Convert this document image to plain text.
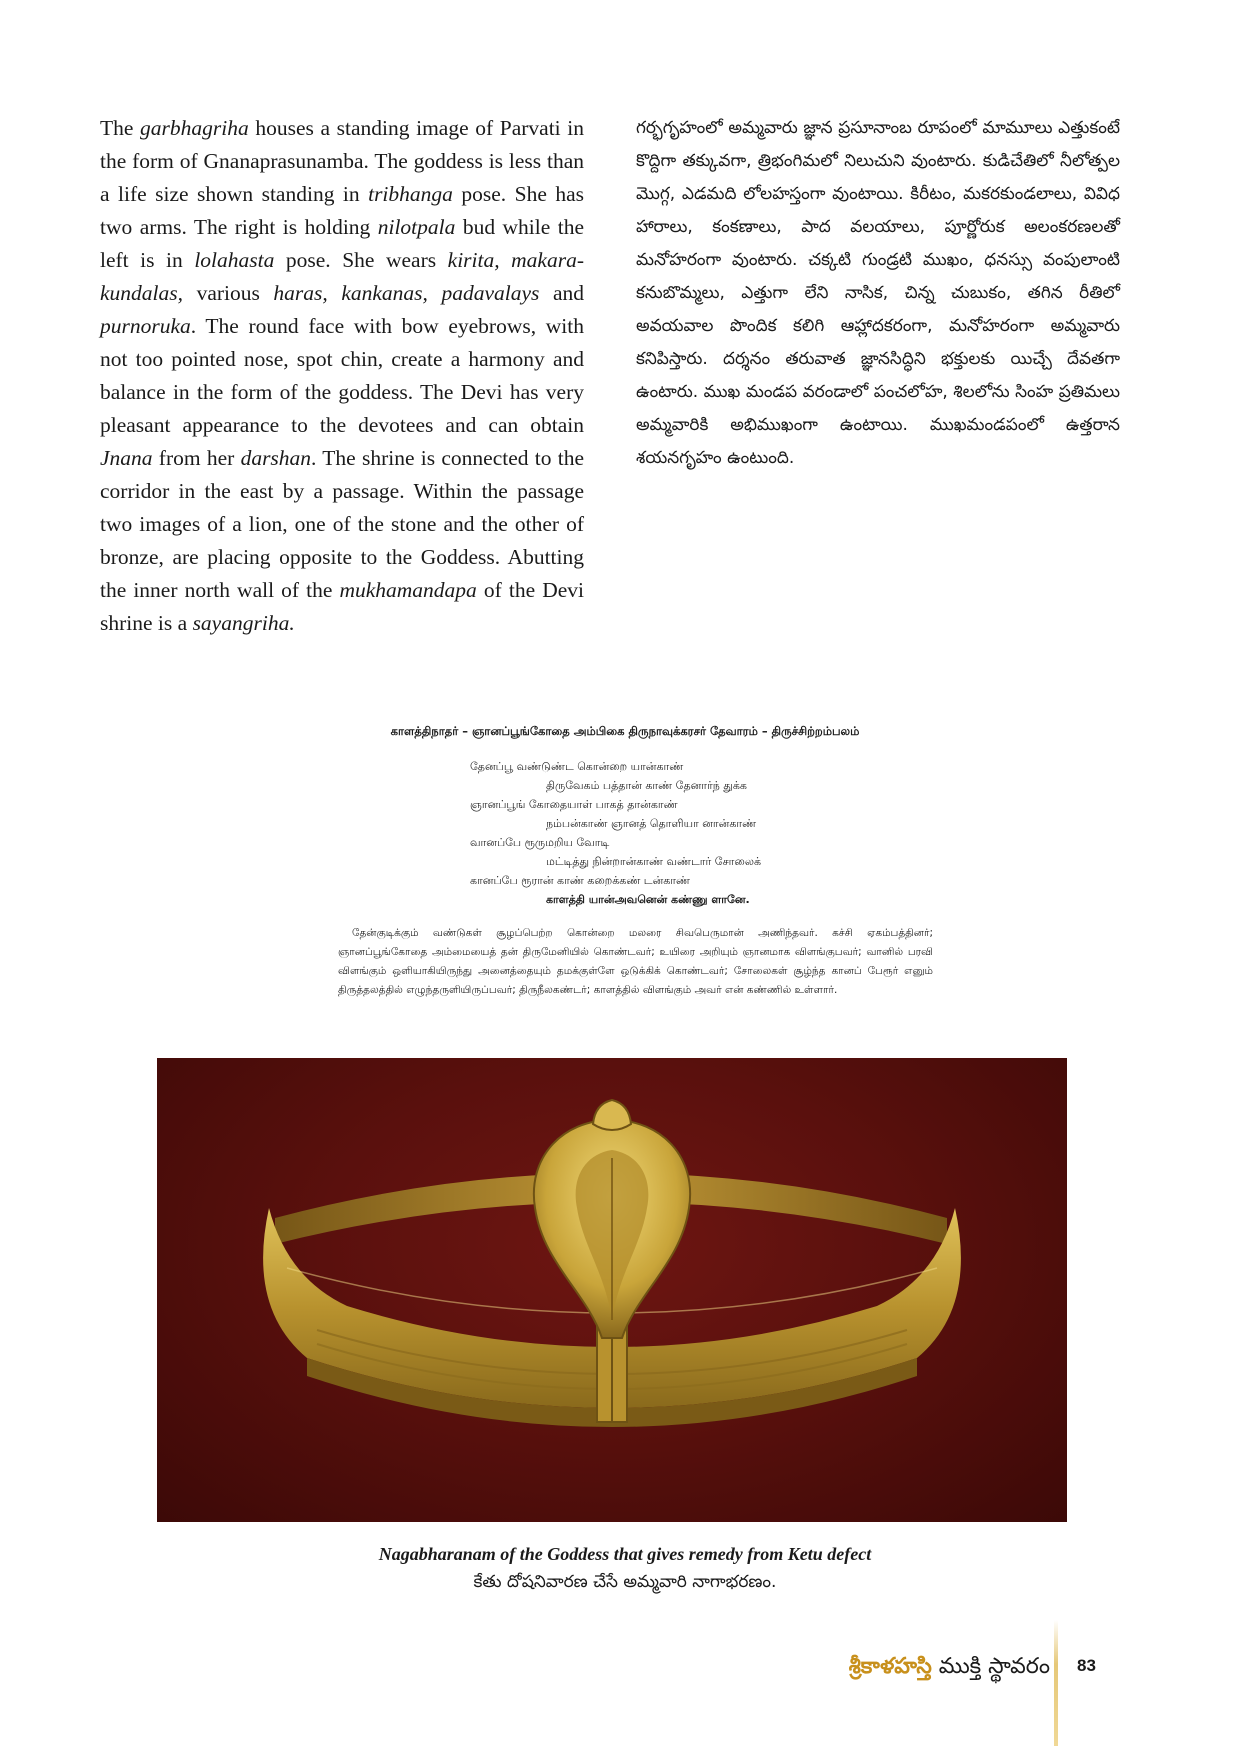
The garbhagriha houses a standing image of Parvati in the form of Gnanaprasunamba. The goddess is less than a life size shown standing in tribhanga pose. She has two arms. The right is holding nilotpala bud while the left is in lolahasta pose. She wears kirita, makara-kundalas, various haras, kankanas, padavalays and purnoruka. The round face with bow eyebrows, with not too pointed nose, spot chin, create a harmony and balance in the form of the goddess. The Devi has very pleasant appearance to the devotees and can obtain Jnana from her darshan. The shrine is connected to the corridor in the east by a passage. Within the passage two images of a lion, one of the stone and the other of bronze, are placing opposite to the Goddess. Abutting the inner north wall of the mukhamandapa of the Devi shrine is a sayangriha.

గర్భగృహంలో అమ్మవారు జ్ఞాన ప్రసూనాంబ రూపంలో మామూలు ఎత్తుకంటే కొద్దిగా తక్కువగా, త్రిభంగిమలో నిలుచుని వుంటారు. కుడిచేతిలో నీలోత్పల మొగ్గ, ఎడమది లోలహస్తంగా వుంటాయి. కిరీటం, మకరకుండలాలు, వివిధ హారాలు, కంకణాలు, పాద వలయాలు, పూర్ణోరుక అలంకరణలతో మనోహరంగా వుంటారు. చక్కటి గుండ్రటి ముఖం, ధనస్సు వంపులాంటి కనుబొమ్మలు, ఎత్తుగా లేని నాసిక, చిన్న చుబుకం, తగిన రీతిలో అవయవాల పొందిక కలిగి ఆహ్లాదకరంగా, మనోహరంగా అమ్మవారు కనిపిస్తారు. దర్శనం తరువాత జ్ఞానసిద్ధిని భక్తులకు యిచ్చే దేవతగా ఉంటారు. ముఖ మండప వరండాలో పంచలోహ, శిలలోను సింహ ప్రతిమలు అమ్మవారికి అభిముఖంగా ఉంటాయి. ముఖమండపంలో ఉత్తరాన శయనగృహం ఉంటుంది.

காளத்திநாதர் – ஞானப்பூங்கோதை அம்பிகை திருநாவுக்கரசர் தேவாரம் – திருச்சிற்றம்பலம்

தேனப்பூ வண்டுண்ட கொன்றை யான்காண்
திருவேகம் பத்தான் காண் தேனார்ந் துக்க
ஞானப்பூங் கோதையாள் பாகத் தான்காண்
நம்பன்காண் ஞானத் தொளியா னான்காண்
வானப்பே ரூருமறிய வோடி
மட்டித்து நின்றான்காண் வண்டார் சோலைக்
கானப்பே ரூரான் காண் கறைக்கண் டன்காண்
காளத்தி யான்அவனென் கண்ணு ளானே.

தேன்குடிக்கும் வண்டுகள் சூழப்பெற்ற கொன்றை மலரை சிவபெருமான் அணிந்தவர். கச்சி ஏகம்பத்தினர்; ஞானப்பூங்கோதை அம்மையைத் தன் திருமேனியில் கொண்டவர்; உயிரை அறியும் ஞானமாக விளங்குபவர்; வானில் பரவி விளங்கும் ஒளியாகியிருந்து அனைத்தையும் தமக்குள்ளே ஒடுக்கிக் கொண்டவர்; சோலைகள் சூழ்ந்த கானப் பேரூர் எனும் திருத்தலத்தில் எழுந்தருளியிருப்பவர்; திருநீலகண்டர்; காளத்தில் விளங்கும் அவர் என் கண்ணில் உள்ளார்.

Nagabharanam of the Goddess that gives remedy from Ketu defect

కేతు దోషనివారణ చేసే అమ్మవారి నాగాభరణం.

శ్రీకాళహస్తి ముక్తి స్థావరం 83
